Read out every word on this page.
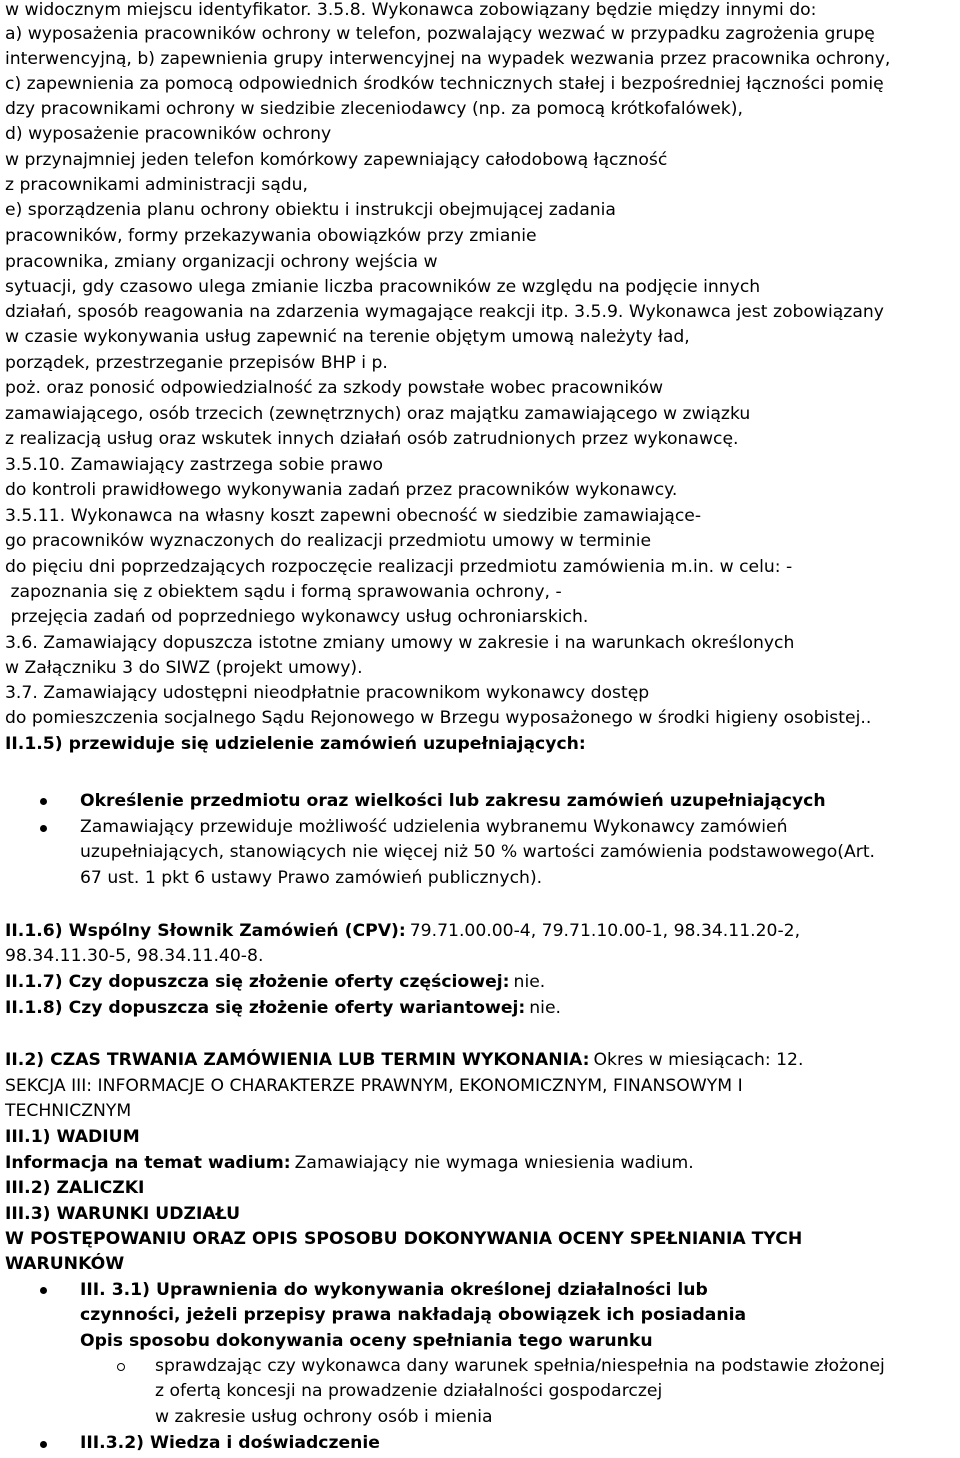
w widocznym miejscu identyfikator. 3.5.8. Wykonawca zobowiązany będzie między innymi do:
a) wyposażenia pracowników ochrony w telefon, pozwalający wezwać w przypadku zagrożenia grupę
interwencyjną, b) zapewnienia grupy interwencyjnej na wypadek wezwania przez pracownika ochrony,
c) zapewnienia za pomocą odpowiednich środków technicznych stałej i bezpośredniej łączności pomię
dzy pracownikami ochrony w siedzibie zleceniodawcy (np. za pomocą krótkofalówek),
d) wyposażenie pracowników ochrony
w przynajmniej jeden telefon komórkowy zapewniający całodobową łączność
z pracownikami administracji sądu,
e) sporządzenia planu ochrony obiektu i instrukcji obejmującej zadania
pracowników, formy przekazywania obowiązków przy zmianie
pracownika, zmiany organizacji ochrony wejścia w
sytuacji, gdy czasowo ulega zmianie liczba pracowników ze względu na podjęcie innych
działań, sposób reagowania na zdarzenia wymagające reakcji itp. 3.5.9. Wykonawca jest zobowiązany
w czasie wykonywania usług zapewnić na terenie objętym umową należyty ład,
porządek, przestrzeganie przepisów BHP i p.
poż. oraz ponosić odpowiedzialność za szkody powstałe wobec pracowników
zamawiającego, osób trzecich (zewnętrznych) oraz majątku zamawiającego w związku
z realizacją usług oraz wskutek innych działań osób zatrudnionych przez wykonawcę.
3.5.10. Zamawiający zastrzega sobie prawo
do kontroli prawidłowego wykonywania zadań przez pracowników wykonawcy.
3.5.11. Wykonawca na własny koszt zapewni obecność w siedzibie zamawiające-
go pracowników wyznaczonych do realizacji przedmiotu umowy w terminie
do pięciu dni poprzedzających rozpoczęcie realizacji przedmiotu zamówienia m.in. w celu: -
zapoznania się z obiektem sądu i formą sprawowania ochrony, -
przejęcia zadań od poprzedniego wykonawcy usług ochroniarskich.
3.6. Zamawiający dopuszcza istotne zmiany umowy w zakresie i na warunkach określonych
w Załączniku 3 do SIWZ (projekt umowy).
3.7. Zamawiający udostępni nieodpłatnie pracownikom wykonawcy dostęp
do pomieszczenia socjalnego Sądu Rejonowego w Brzegu wyposażonego w środki higieny osobistej..
II.1.5) przewiduje się udzielenie zamówień uzupełniających:
Określenie przedmiotu oraz wielkości lub zakresu zamówień uzupełniających
Zamawiający przewiduje możliwość udzielenia wybranemu Wykonawcy zamówień
uzupełniających, stanowiących nie więcej niż 50 % wartości zamówienia podstawowego(Art.
67 ust. 1 pkt 6 ustawy Prawo zamówień publicznych).
II.1.6) Wspólny Słownik Zamówień (CPV): 79.71.00.00-4, 79.71.10.00-1, 98.34.11.20-2,
98.34.11.30-5, 98.34.11.40-8.
II.1.7) Czy dopuszcza się złożenie oferty częściowej: nie.
II.1.8) Czy dopuszcza się złożenie oferty wariantowej: nie.
II.2) CZAS TRWANIA ZAMÓWIENIA LUB TERMIN WYKONANIA: Okres w miesiącach: 12.
SEKCJA III: INFORMACJE O CHARAKTERZE PRAWNYM, EKONOMICZNYM, FINANSOWYM I
TECHNICZNYM
III.1) WADIUM
Informacja na temat wadium: Zamawiający nie wymaga wniesienia wadium.
III.2) ZALICZKI
III.3) WARUNKI UDZIAŁU
W POSTĘPOWANIU ORAZ OPIS SPOSOBU DOKONYWANIA OCENY SPEŁNIANIA TYCH
WARUNKÓW
III. 3.1) Uprawnienia do wykonywania określonej działalności lub
czynności, jeżeli przepisy prawa nakładają obowiązek ich posiadania
Opis sposobu dokonywania oceny spełniania tego warunku
sprawdzając czy wykonawca dany warunek spełnia/niespełnia na podstawie złożonej
z ofertą koncesji na prowadzenie działalności gospodarczej
w zakresie usług ochrony osób i mienia
III.3.2) Wiedza i doświadczenie
